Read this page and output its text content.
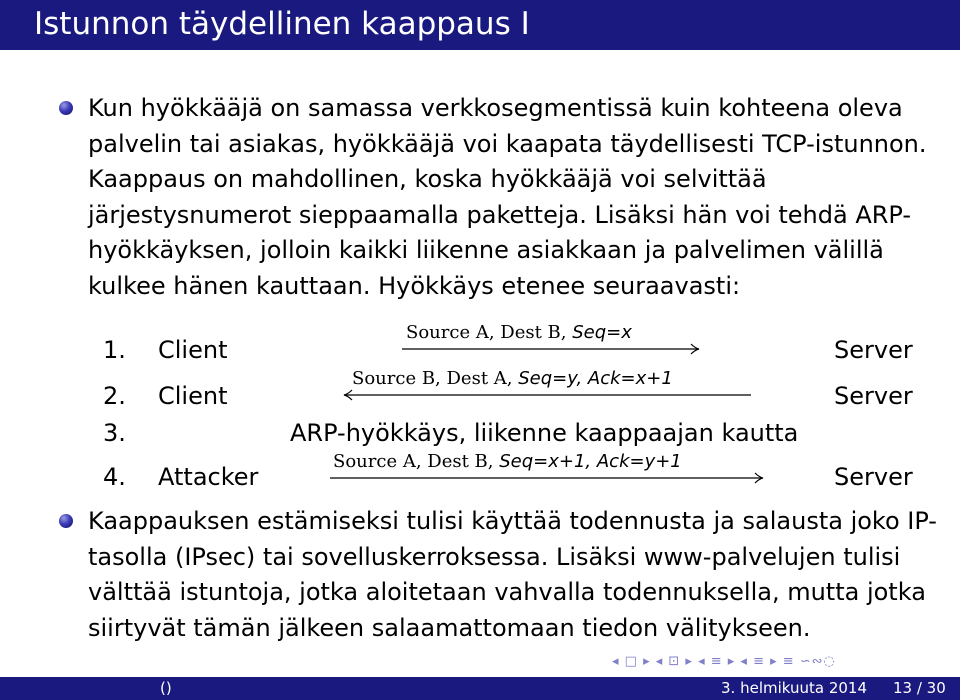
Istunnon täydellinen kaappaus I
Kun hyökkääjä on samassa verkkosegmentissä kuin kohteena oleva palvelin tai asiakas, hyökkääjä voi kaapata täydellisesti TCP-istunnon. Kaappaus on mahdollinen, koska hyökkääjä voi selvittää järjestysnumerot sieppaamalla paketteja. Lisäksi hän voi tehdä ARP-hyökkäyksen, jolloin kaikki liikenne asiakkaan ja palvelimen välillä kulkee hänen kauttaan. Hyökkäys etenee seuraavasti:
1. Client
Source A, Dest B, Seq=x
Server
2. Client
Source B, Dest A, Seq=y, Ack=x+1
Server
3.	ARP-hyökkäys, liikenne kaappaajan kautta
4. Attacker
Source A, Dest B, Seq=x+1, Ack=y+1
Server
Kaappauksen estämiseksi tulisi käyttää todennusta ja salausta joko IP-tasolla (IPsec) tai sovelluskerroksessa. Lisäksi www-palvelujen tulisi välttää istuntoja, jotka aloitetaan vahvalla todennuksella, mutta jotka siirtyvät tämän jälkeen salaamattomaan tiedon välitykseen.
◂ □ ▸ ◂ ⊡ ▸ ◂ ≡ ▸ ◂ ≡ ▸ ≡ ∽∾◌
()	3. helmikuuta 2014 13 / 30
